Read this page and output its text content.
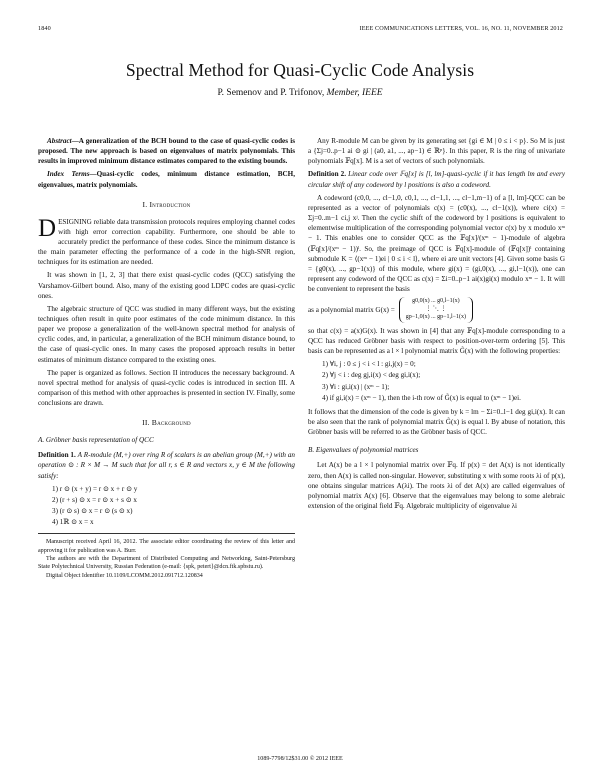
1840	IEEE COMMUNICATIONS LETTERS, VOL. 16, NO. 11, NOVEMBER 2012
Spectral Method for Quasi-Cyclic Code Analysis
P. Semenov and P. Trifonov, Member, IEEE

Abstract—A generalization of the BCH bound to the case of quasi-cyclic codes is proposed. The new approach is based on eigenvalues of matrix polynomials. This results in improved minimum distance estimates compared to the existing bounds.

Index Terms—Quasi-cyclic codes, minimum distance estimation, BCH, eigenvalues, matrix polynomials.

I. Introduction

DESIGNING reliable data transmission protocols requires employing channel codes with high error correction capability. Furthermore, one should be able to accurately predict the performance of these codes. Since the minimum distance is the main parameter effecting the performance of a code in the high-SNR region, techniques for its estimation are needed.

It was shown in [1, 2, 3] that there exist quasi-cyclic codes (QCC) satisfying the Varshamov-Gilbert bound. Also, many of the existing good LDPC codes are quasi-cyclic ones.

The algebraic structure of QCC was studied in many different ways, but the existing techniques often result in quite poor estimates of the code minimum distance. In this paper we propose a generalization of the well-known spectral method for analysis of cyclic codes, and, in particular, a generalization of the BCH minimum distance bound, to the case of quasi-cyclic ones. In many cases the proposed approach results in better estimates of minimum distance compared to the existing ones.

The paper is organized as follows. Section II introduces the necessary background. A novel spectral method for analysis of quasi-cyclic codes is introduced in section III. A comparison of this method with other approaches is presented in section IV. Finally, some conclusions are drawn.

II. Background
A. Gröbner basis representation of QCC

Definition 1. A R-module (M,+) over ring R of scalars is an abelian group (M,+) with an operation ⊙ : R × M → M such that for all r, s ∈ R and vectors x, y ∈ M the following satisfy:

1) r ⊙ (x + y) = r ⊙ x + r ⊙ y
2) (r + s) ⊙ x = r ⊙ x + s ⊙ x
3) (r ⊙ s) ⊙ x = r ⊙ (s ⊙ x)
4) 1ℝ ⊙ x = x

Manuscript received April 16, 2012. The associate editor coordinating the review of this letter and approving it for publication was A. Burr.

The authors are with the Department of Distributed Computing and Networking, Saint-Petersburg State Polytechnical University, Russian Federation (e-mail: {spk, petert}@dcn.ftk.spbstu.ru).

Digital Object Identifier 10.1109/LCOMM.2012.091712.120834

Any R-module M can be given by its generating set {gi ∈ M | 0 ≤ i < p}. So M is just a {Σj=0..p−1 ai ⊙ gi | (a0, a1, ..., ap−1) ∈ ℝᵖ}. In this paper, R is the ring of univariate polynomials 𝔽q[x]. M is a set of vectors of such polynomials.

Definition 2. Linear code over 𝔽q[x] is [l, lm]-quasi-cyclic if it has length lm and every circular shift of any codeword by l positions is also a codeword.

A codeword (c0,0, ..., cl−1,0, c0,1, ..., cl−1,1, ..., cl−1,m−1) of a [l, lm]-QCC can be represented as a vector of polynomials c(x) = (c0(x), ..., cl−1(x)), where ci(x) = Σj=0..m−1 ci,j xʲ. Then the cyclic shift of the codeword by l positions is equivalent to elementwise multiplication of the corresponding polynomial vector c(x) by x modulo xᵐ − 1. This enables one to consider QCC as the 𝔽q[x]/(xᵐ − 1)-module of algebra (𝔽q[x]/(xᵐ − 1))ˡ. So, the preimage of QCC is 𝔽q[x]-module of (𝔽q[x])ˡ containing submodule K = ⟨(xᵐ − 1)ei | 0 ≤ i < l⟩, where ei are unit vectors [4]. Given some basis G = {g0(x), ..., gp−1(x)} of this module, where gi(x) = (gi,0(x), ..., gi,l−1(x)), one can represent any codeword of the QCC as c(x) = Σi=0..p−1 ai(x)gi(x) modulo xᵐ − 1. It will be convenient to represent the basis

as a polynomial matrix G(x) =
g0,0(x) ... g0,l−1(x)
⋮ ⋱ ⋮
gp−1,0(x) ... gp−1,l−1(x)

so that c(x) = a(x)G(x). It was shown in [4] that any 𝔽q[x]-module corresponding to a QCC has reduced Gröbner basis with respect to position-over-term ordering [5]. This basis can be represented as a l × l polynomial matrix G̃(x) with the following properties:

1) ∀i, j : 0 ≤ j < i < l : gi,j(x) = 0;
2) ∀j < i : deg gj,i(x) < deg gi,i(x);
3) ∀i : gi,i(x) | (xᵐ − 1);
4) if gi,i(x) = (xᵐ − 1), then the i-th row of G̃(x) is equal to (xᵐ − 1)ei.

It follows that the dimension of the code is given by k = lm − Σi=0..l−1 deg gi,i(x). It can be also seen that the rank of polynomial matrix G̃(x) is equal l. By abuse of notation, this Gröbner basis will be referred to as the Gröbner basis of QCC.

B. Eigenvalues of polynomial matrices

Let A(x) be a l × l polynomial matrix over 𝔽q. If p(x) = det A(x) is not identically zero, then A(x) is called non-singular. However, substituting x with some roots λi of p(x), one obtains singular matrices A(λi). The roots λi of det A(x) are called eigenvalues of polynomial matrix A(x) [6]. Observe that the eigenvalues may belong to some alebraic extension of the original field 𝔽q. Algebraic multiplicity of eigenvalue λi

1089-7798/12$31.00 © 2012 IEEE
